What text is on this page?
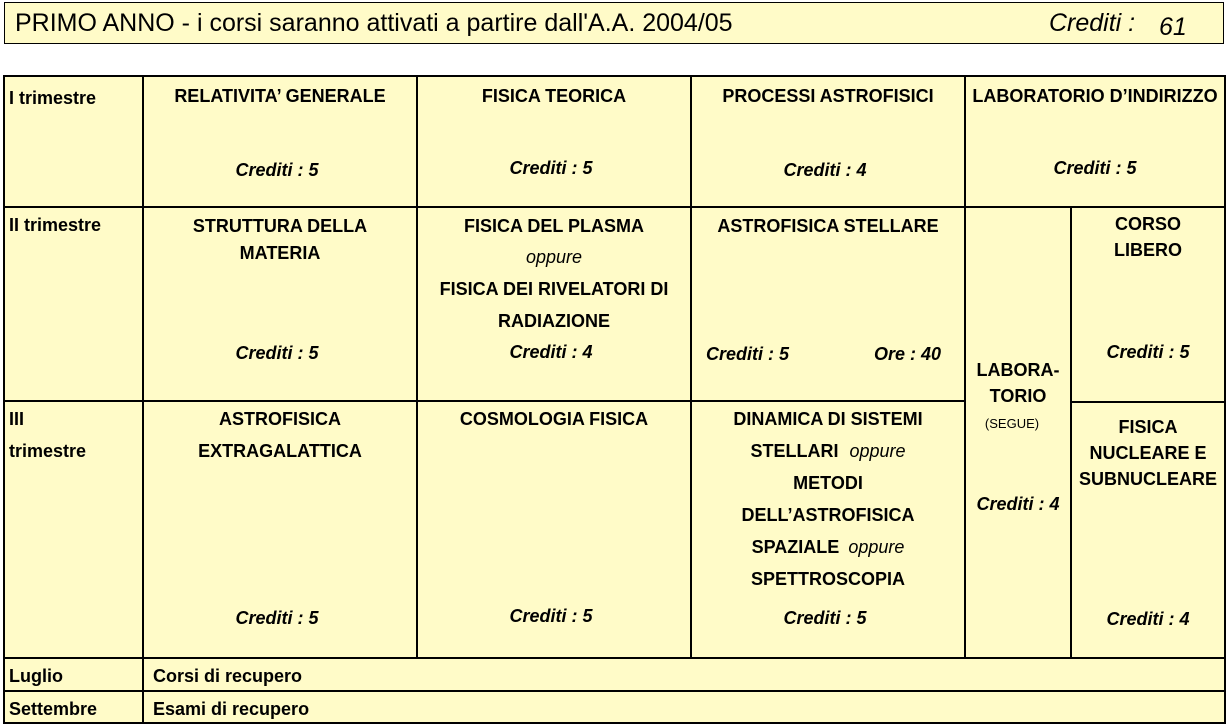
PRIMO ANNO - i corsi saranno attivati a partire dall'A.A. 2004/05	Crediti : 61
I trimestre
II trimestre
III
trimestre
Luglio
Settembre
RELATIVITA’ GENERALE
Crediti : 5
FISICA TEORICA
Crediti : 5
PROCESSI ASTROFISICI
Crediti : 4
LABORATORIO D’INDIRIZZO
Crediti : 5
STRUTTURA DELLA
MATERIA
Crediti : 5
FISICA DEL PLASMA
oppure
FISICA DEI RIVELATORI DI
RADIAZIONE
Crediti : 4
ASTROFISICA STELLARE
Crediti : 5	Ore : 40
CORSO
LIBERO
Crediti : 5
LABORA-
TORIO
(SEGUE)
Crediti : 4
ASTROFISICA
EXTRAGALATTICA
Crediti : 5
COSMOLOGIA FISICA
Crediti : 5
DINAMICA DI SISTEMI
STELLARI oppure
METODI
DELL’ASTROFISICA
SPAZIALE oppure
SPETTROSCOPIA
Crediti : 5
FISICA
NUCLEARE E
SUBNUCLEARE
Crediti : 4
Corsi di recupero
Esami di recupero
